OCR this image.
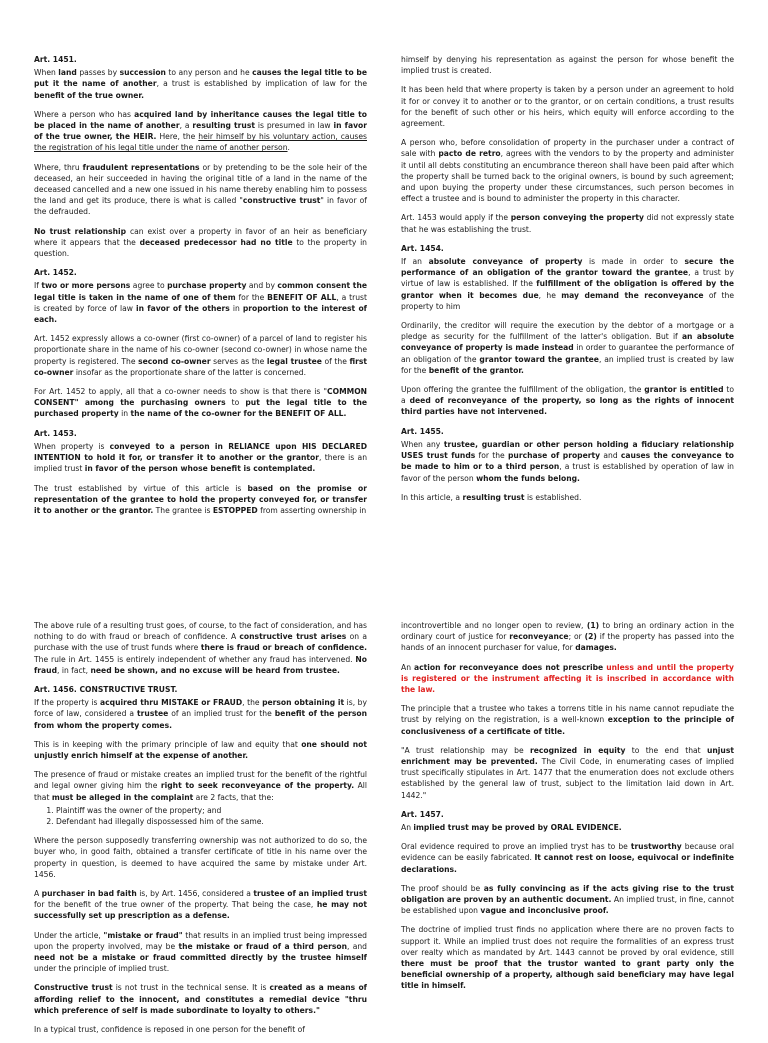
Art. 1451.

When land passes by succession to any person and he causes the legal title to be put it the name of another, a trust is established by implication of law for the benefit of the true owner.

Where a person who has acquired land by inheritance causes the legal title to be placed in the name of another, a resulting trust is presumed in law in favor of the true owner, the HEIR. Here, the heir himself by his voluntary action, causes the registration of his legal title under the name of another person.

Where, thru fraudulent representations or by pretending to be the sole heir of the deceased, an heir succeeded in having the original title of a land in the name of the deceased cancelled and a new one issued in his name thereby enabling him to possess the land and get its produce, there is what is called "constructive trust" in favor of the defrauded.

No trust relationship can exist over a property in favor of an heir as beneficiary where it appears that the deceased predecessor had no title to the property in question.

Art. 1452.

If two or more persons agree to purchase property and by common consent the legal title is taken in the name of one of them for the BENEFIT OF ALL, a trust is created by force of law in favor of the others in proportion to the interest of each.

Art. 1452 expressly allows a co-owner (first co-owner) of a parcel of land to register his proportionate share in the name of his co-owner (second co-owner) in whose name the property is registered. The second co-owner serves as the legal trustee of the first co-owner insofar as the proportionate share of the latter is concerned.

For Art. 1452 to apply, all that a co-owner needs to show is that there is "COMMON CONSENT" among the purchasing owners to put the legal title to the purchased property in the name of the co-owner for the BENEFIT OF ALL.

Art. 1453.

When property is conveyed to a person in RELIANCE upon HIS DECLARED INTENTION to hold it for, or transfer it to another or the grantor, there is an implied trust in favor of the person whose benefit is contemplated.

The trust established by virtue of this article is based on the promise or representation of the grantee to hold the property conveyed for, or transfer it to another or the grantor. The grantee is ESTOPPED from asserting ownership in

himself by denying his representation as against the person for whose benefit the implied trust is created.

It has been held that where property is taken by a person under an agreement to hold it for or convey it to another or to the grantor, or on certain conditions, a trust results for the benefit of such other or his heirs, which equity will enforce according to the agreement.

A person who, before consolidation of property in the purchaser under a contract of sale with pacto de retro, agrees with the vendors to by the property and administer it until all debts constituting an encumbrance thereon shall have been paid after which the property shall be turned back to the original owners, is bound by such agreement; and upon buying the property under these circumstances, such person becomes in effect a trustee and is bound to administer the property in this character.

Art. 1453 would apply if the person conveying the property did not expressly state that he was establishing the trust.

Art. 1454.

If an absolute conveyance of property is made in order to secure the performance of an obligation of the grantor toward the grantee, a trust by virtue of law is established. If the fulfillment of the obligation is offered by the grantor when it becomes due, he may demand the reconveyance of the property to him

Ordinarily, the creditor will require the execution by the debtor of a mortgage or a pledge as security for the fulfillment of the latter's obligation. But if an absolute conveyance of property is made instead in order to guarantee the performance of an obligation of the grantor toward the grantee, an implied trust is created by law for the benefit of the grantor.

Upon offering the grantee the fulfillment of the obligation, the grantor is entitled to a deed of reconveyance of the property, so long as the rights of innocent third parties have not intervened.

Art. 1455.

When any trustee, guardian or other person holding a fiduciary relationship USES trust funds for the purchase of property and causes the conveyance to be made to him or to a third person, a trust is established by operation of law in favor of the person whom the funds belong.

In this article, a resulting trust is established.

The above rule of a resulting trust goes, of course, to the fact of consideration, and has nothing to do with fraud or breach of confidence. A constructive trust arises on a purchase with the use of trust funds where there is fraud or breach of confidence. The rule in Art. 1455 is entirely independent of whether any fraud has intervened. No fraud, in fact, need be shown, and no excuse will be heard from trustee.

Art. 1456. CONSTRUCTIVE TRUST.

If the property is acquired thru MISTAKE or FRAUD, the person obtaining it is, by force of law, considered a trustee of an implied trust for the benefit of the person from whom the property comes.

This is in keeping with the primary principle of law and equity that one should not unjustly enrich himself at the expense of another.

The presence of fraud or mistake creates an implied trust for the benefit of the rightful and legal owner giving him the right to seek reconveyance of the property. All that must be alleged in the complaint are 2 facts, that the:

1. Plaintiff was the owner of the property; and
2. Defendant had illegally dispossessed him of the same.

Where the person supposedly transferring ownership was not authorized to do so, the buyer who, in good faith, obtained a transfer certificate of title in his name over the property in question, is deemed to have acquired the same by mistake under Art. 1456.

A purchaser in bad faith is, by Art. 1456, considered a trustee of an implied trust for the benefit of the true owner of the property. That being the case, he may not successfully set up prescription as a defense.

Under the article, "mistake or fraud" that results in an implied trust being impressed upon the property involved, may be the mistake or fraud of a third person, and need not be a mistake or fraud committed directly by the trustee himself under the principle of implied trust.

Constructive trust is not trust in the technical sense. It is created as a means of affording relief to the innocent, and constitutes a remedial device "thru which preference of self is made subordinate to loyalty to others."

In a typical trust, confidence is reposed in one person for the benefit of

incontrovertible and no longer open to review, (1) to bring an ordinary action in the ordinary court of justice for reconveyance; or (2) if the property has passed into the hands of an innocent purchaser for value, for damages.

An action for reconveyance does not prescribe unless and until the property is registered or the instrument affecting it is inscribed in accordance with the law.

The principle that a trustee who takes a torrens title in his name cannot repudiate the trust by relying on the registration, is a well-known exception to the principle of conclusiveness of a certificate of title.

"A trust relationship may be recognized in equity to the end that unjust enrichment may be prevented. The Civil Code, in enumerating cases of implied trust specifically stipulates in Art. 1477 that the enumeration does not exclude others established by the general law of trust, subject to the limitation laid down in Art. 1442."

Art. 1457.

An implied trust may be proved by ORAL EVIDENCE.

Oral evidence required to prove an implied tryst has to be trustworthy because oral evidence can be easily fabricated. It cannot rest on loose, equivocal or indefinite declarations.

The proof should be as fully convincing as if the acts giving rise to the trust obligation are proven by an authentic document. An implied trust, in fine, cannot be established upon vague and inconclusive proof.

The doctrine of implied trust finds no application where there are no proven facts to support it. While an implied trust does not require the formalities of an express trust over realty which as mandated by Art. 1443 cannot be proved by oral evidence, still there must be proof that the trustor wanted to grant party only the beneficial ownership of a property, although said beneficiary may have legal title in himself.
